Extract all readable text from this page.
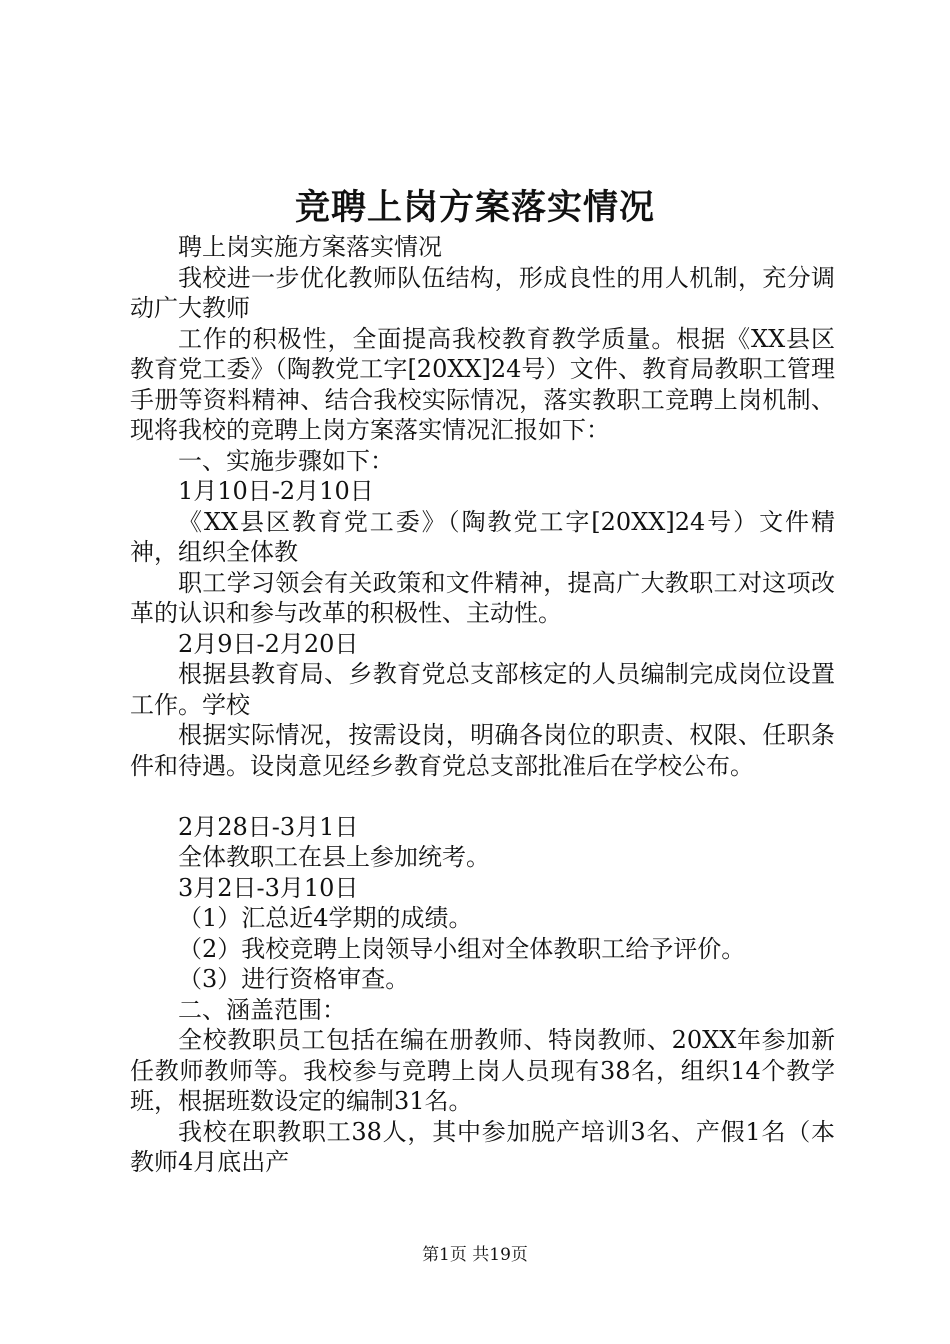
竞聘上岗方案落实情况

聘上岗实施方案落实情况

我校进一步优化教师队伍结构，形成良性的用人机制，充分调动广大教师

工作的积极性，全面提高我校教育教学质量。根据《XX县区教育党工委》（陶教党工字[20XX]24号）文件、教育局教职工管理手册等资料精神、结合我校实际情况，落实教职工竞聘上岗机制、现将我校的竞聘上岗方案落实情况汇报如下：

一、实施步骤如下：

1月10日-2月10日

《XX县区教育党工委》（陶教党工字[20XX]24号）文件精神，组织全体教

职工学习领会有关政策和文件精神，提高广大教职工对这项改革的认识和参与改革的积极性、主动性。

2月9日-2月20日

根据县教育局、乡教育党总支部核定的人员编制完成岗位设置工作。学校

根据实际情况，按需设岗，明确各岗位的职责、权限、任职条件和待遇。设岗意见经乡教育党总支部批准后在学校公布。

2月28日-3月1日

全体教职工在县上参加统考。

3月2日-3月10日

（1）汇总近4学期的成绩。

（2）我校竞聘上岗领导小组对全体教职工给予评价。

（3）进行资格审查。

二、涵盖范围：

全校教职员工包括在编在册教师、特岗教师、20XX年参加新任教师教师等。我校参与竞聘上岗人员现有38名，组织14个教学班，根据班数设定的编制31名。

我校在职教职工38人，其中参加脱产培训3名、产假1名（本教师4月底出产

第1页 共19页
